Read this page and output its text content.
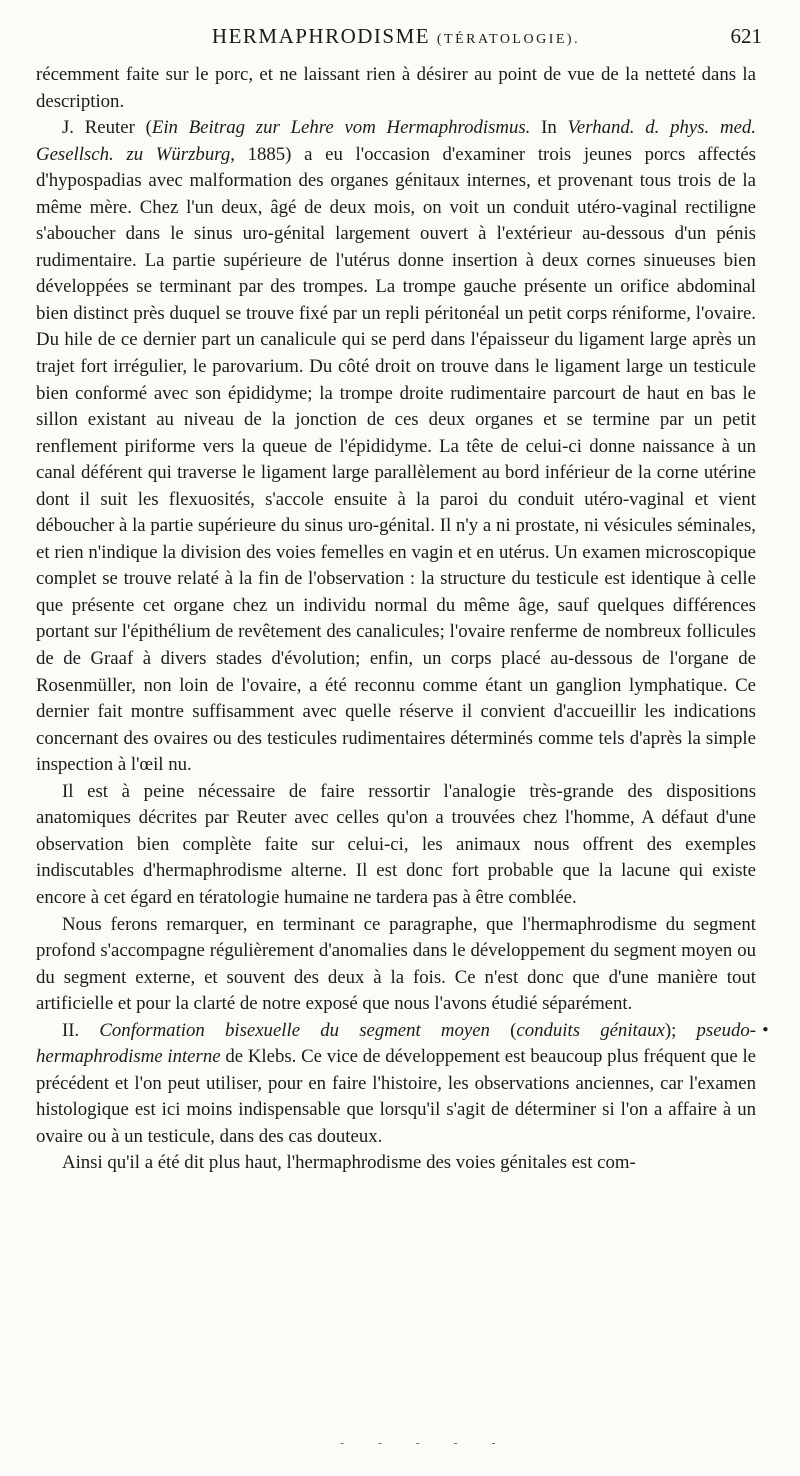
HERMAPHRODISME (TÉRATOLOGIE).	621

récemment faite sur le porc, et ne laissant rien à désirer au point de vue de la netteté dans la description.

J. Reuter (Ein Beitrag zur Lehre vom Hermaphrodismus. In Verhand. d. phys. med. Gesellsch. zu Würzburg, 1885) a eu l'occasion d'examiner trois jeunes porcs affectés d'hypospadias avec malformation des organes génitaux internes, et provenant tous trois de la même mère. Chez l'un deux, âgé de deux mois, on voit un conduit utéro-vaginal rectiligne s'aboucher dans le sinus uro-génital largement ouvert à l'extérieur au-dessous d'un pénis rudimentaire. La partie supérieure de l'utérus donne insertion à deux cornes sinueuses bien développées se terminant par des trompes. La trompe gauche présente un orifice abdominal bien distinct près duquel se trouve fixé par un repli péritonéal un petit corps réniforme, l'ovaire. Du hile de ce dernier part un canalicule qui se perd dans l'épaisseur du ligament large après un trajet fort irrégulier, le parovarium. Du côté droit on trouve dans le ligament large un testicule bien conformé avec son épididyme; la trompe droite rudimentaire parcourt de haut en bas le sillon existant au niveau de la jonction de ces deux organes et se termine par un petit renflement piriforme vers la queue de l'épididyme. La tête de celui-ci donne naissance à un canal déférent qui traverse le ligament large parallèlement au bord inférieur de la corne utérine dont il suit les flexuosités, s'accole ensuite à la paroi du conduit utéro-vaginal et vient déboucher à la partie supérieure du sinus uro-génital. Il n'y a ni prostate, ni vésicules séminales, et rien n'indique la division des voies femelles en vagin et en utérus. Un examen microscopique complet se trouve relaté à la fin de l'observation : la structure du testicule est identique à celle que présente cet organe chez un individu normal du même âge, sauf quelques différences portant sur l'épithélium de revêtement des canalicules; l'ovaire renferme de nombreux follicules de de Graaf à divers stades d'évolution; enfin, un corps placé au-dessous de l'organe de Rosenmüller, non loin de l'ovaire, a été reconnu comme étant un ganglion lymphatique. Ce dernier fait montre suffisamment avec quelle réserve il convient d'accueillir les indications concernant des ovaires ou des testicules rudimentaires déterminés comme tels d'après la simple inspection à l'œil nu.

Il est à peine nécessaire de faire ressortir l'analogie très-grande des dispositions anatomiques décrites par Reuter avec celles qu'on a trouvées chez l'homme, A défaut d'une observation bien complète faite sur celui-ci, les animaux nous offrent des exemples indiscutables d'hermaphrodisme alterne. Il est donc fort probable que la lacune qui existe encore à cet égard en tératologie humaine ne tardera pas à être comblée.

Nous ferons remarquer, en terminant ce paragraphe, que l'hermaphrodisme du segment profond s'accompagne régulièrement d'anomalies dans le développement du segment moyen ou du segment externe, et souvent des deux à la fois. Ce n'est donc que d'une manière tout artificielle et pour la clarté de notre exposé que nous l'avons étudié séparément.

II. Conformation bisexuelle du segment moyen (conduits génitaux); pseudo-hermaphrodisme interne de Klebs. Ce vice de développement est beaucoup plus fréquent que le précédent et l'on peut utiliser, pour en faire l'histoire, les observations anciennes, car l'examen histologique est ici moins indispensable que lorsqu'il s'agit de déterminer si l'on a affaire à un ovaire ou à un testicule, dans des cas douteux.

Ainsi qu'il a été dit plus haut, l'hermaphrodisme des voies génitales est com-

•
- - - - -
